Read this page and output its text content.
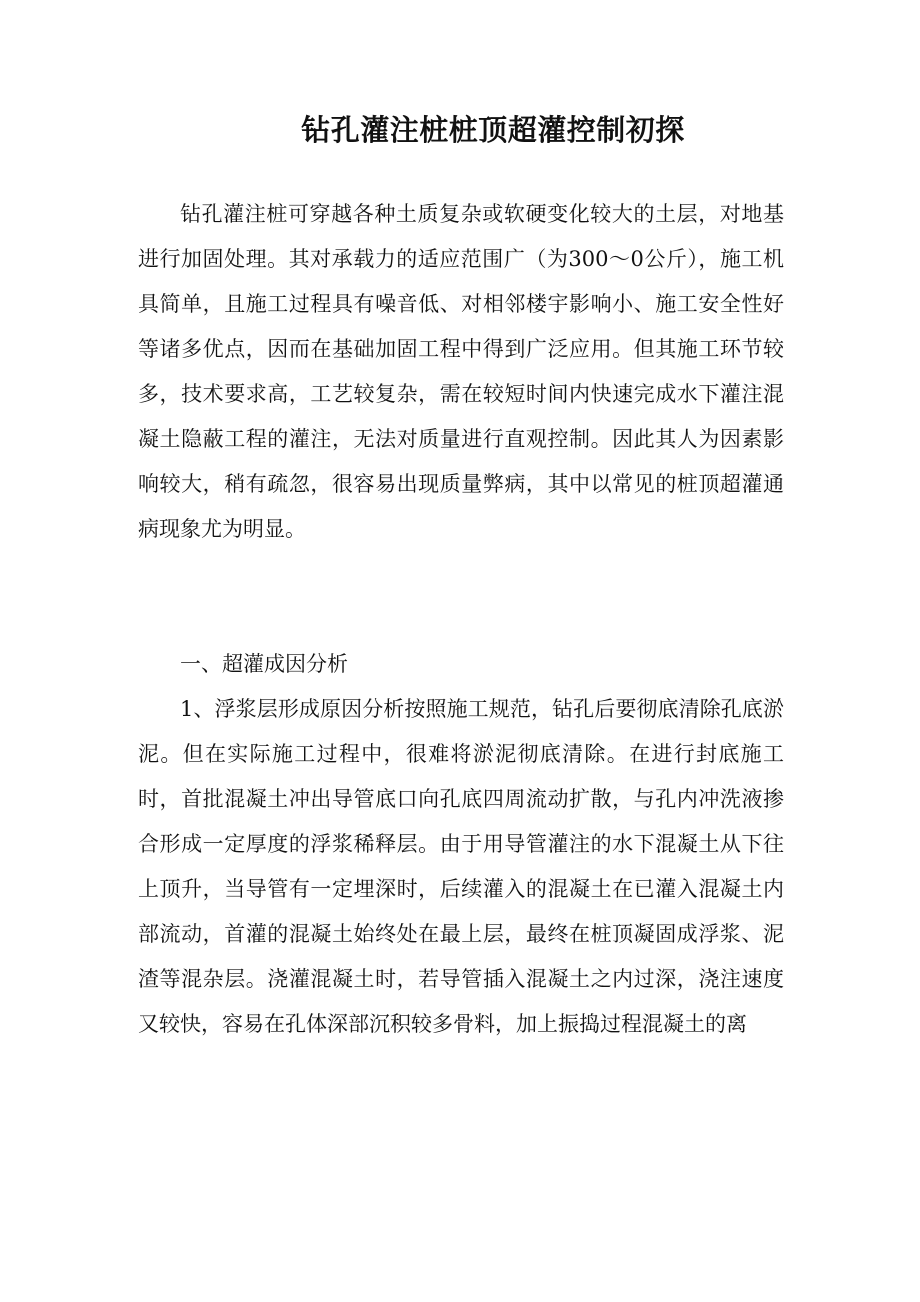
钻孔灌注桩桩顶超灌控制初探

钻孔灌注桩可穿越各种土质复杂或软硬变化较大的土层，对地基进行加固处理。其对承载力的适应范围广（为300～0公斤），施工机具简单，且施工过程具有噪音低、对相邻楼宇影响小、施工安全性好等诸多优点，因而在基础加固工程中得到广泛应用。但其施工环节较多，技术要求高，工艺较复杂，需在较短时间内快速完成水下灌注混凝土隐蔽工程的灌注，无法对质量进行直观控制。因此其人为因素影响较大，稍有疏忽，很容易出现质量弊病，其中以常见的桩顶超灌通病现象尤为明显。

一、超灌成因分析

1、浮浆层形成原因分析按照施工规范，钻孔后要彻底清除孔底淤泥。但在实际施工过程中，很难将淤泥彻底清除。在进行封底施工时，首批混凝土冲出导管底口向孔底四周流动扩散，与孔内冲洗液掺合形成一定厚度的浮浆稀释层。由于用导管灌注的水下混凝土从下往上顶升，当导管有一定埋深时，后续灌入的混凝土在已灌入混凝土内部流动，首灌的混凝土始终处在最上层，最终在桩顶凝固成浮浆、泥渣等混杂层。浇灌混凝土时，若导管插入混凝土之内过深，浇注速度又较快，容易在孔体深部沉积较多骨料，加上振捣过程混凝土的离
